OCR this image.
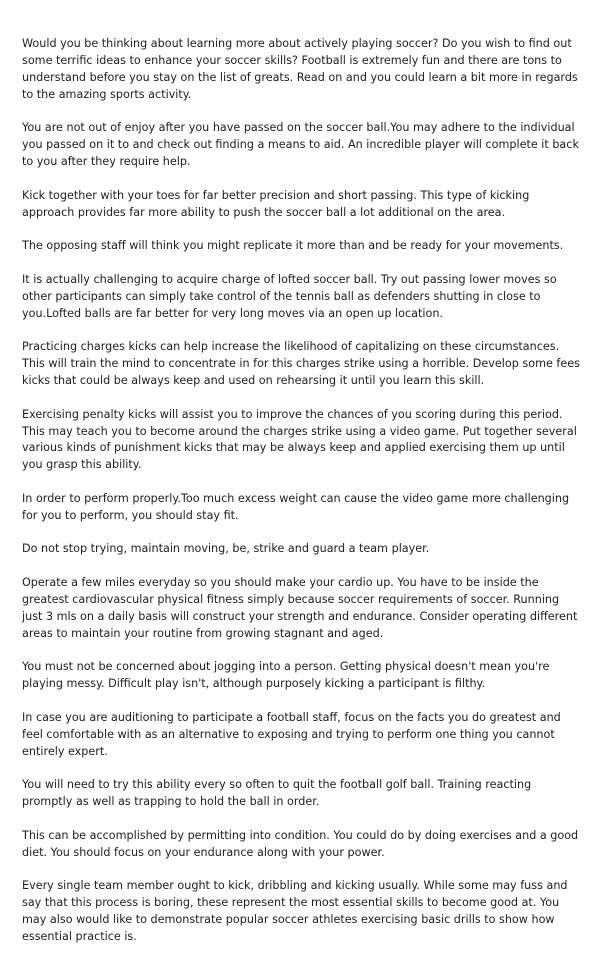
Would you be thinking about learning more about actively playing soccer? Do you wish to find out some terrific ideas to enhance your soccer skills? Football is extremely fun and there are tons to understand before you stay on the list of greats. Read on and you could learn a bit more in regards to the amazing sports activity.

You are not out of enjoy after you have passed on the soccer ball.You may adhere to the individual you passed on it to and check out finding a means to aid. An incredible player will complete it back to you after they require help.

Kick together with your toes for far better precision and short passing. This type of kicking approach provides far more ability to push the soccer ball a lot additional on the area.

The opposing staff will think you might replicate it more than and be ready for your movements.

It is actually challenging to acquire charge of lofted soccer ball. Try out passing lower moves so other participants can simply take control of the tennis ball as defenders shutting in close to you.Lofted balls are far better for very long moves via an open up location.

Practicing charges kicks can help increase the likelihood of capitalizing on these circumstances. This will train the mind to concentrate in for this charges strike using a horrible. Develop some fees kicks that could be always keep and used on rehearsing it until you learn this skill.

Exercising penalty kicks will assist you to improve the chances of you scoring during this period. This may teach you to become around the charges strike using a video game. Put together several various kinds of punishment kicks that may be always keep and applied exercising them up until you grasp this ability.

In order to perform properly.Too much excess weight can cause the video game more challenging for you to perform, you should stay fit.

Do not stop trying, maintain moving, be, strike and guard a team player.

Operate a few miles everyday so you should make your cardio up. You have to be inside the greatest cardiovascular physical fitness simply because soccer requirements of soccer. Running just 3 mls on a daily basis will construct your strength and endurance. Consider operating different areas to maintain your routine from growing stagnant and aged.

You must not be concerned about jogging into a person. Getting physical doesn't mean you're playing messy. Difficult play isn't, although purposely kicking a participant is filthy.

In case you are auditioning to participate a football staff, focus on the facts you do greatest and feel comfortable with as an alternative to exposing and trying to perform one thing you cannot entirely expert.

You will need to try this ability every so often to quit the football golf ball. Training reacting promptly as well as trapping to hold the ball in order.

This can be accomplished by permitting into condition. You could do by doing exercises and a good diet. You should focus on your endurance along with your power.

Every single team member ought to kick, dribbling and kicking usually. While some may fuss and say that this process is boring, these represent the most essential skills to become good at. You may also would like to demonstrate popular soccer athletes exercising basic drills to show how essential practice is.
